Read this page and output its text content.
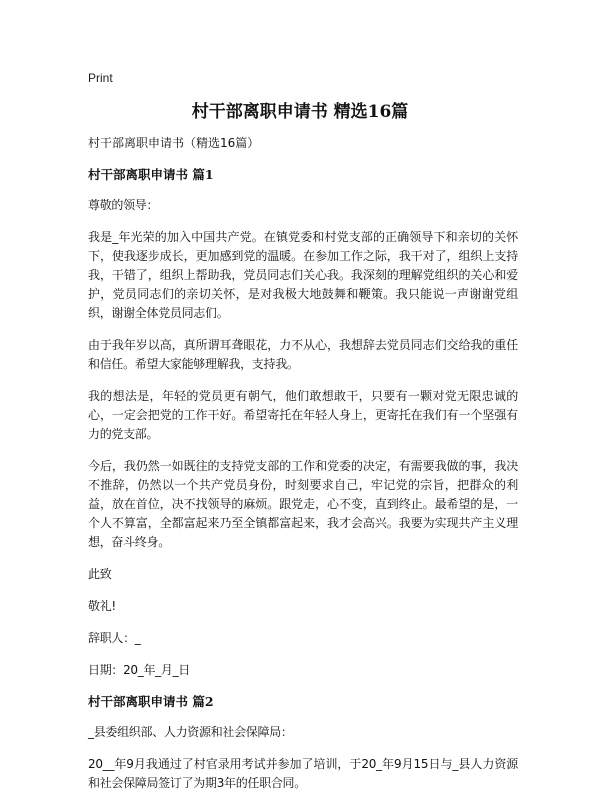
Print
村干部离职申请书 精选16篇
村干部离职申请书（精选16篇）
村干部离职申请书 篇1

尊敬的领导：

我是_年光荣的加入中国共产党。在镇党委和村党支部的正确领导下和亲切的关怀下，使我逐步成长，更加感到党的温暖。在参加工作之际，我干对了，组织上支持我，干错了，组织上帮助我，党员同志们关心我。我深刻的理解党组织的关心和爱护，党员同志们的亲切关怀，是对我极大地鼓舞和鞭策。我只能说一声谢谢党组织，谢谢全体党员同志们。

由于我年岁以高，真所谓耳聋眼花，力不从心，我想辞去党员同志们交给我的重任和信任。希望大家能够理解我，支持我。

我的想法是，年轻的党员更有朝气，他们敢想敢干，只要有一颗对党无限忠诚的心，一定会把党的工作干好。希望寄托在年轻人身上，更寄托在我们有一个坚强有力的党支部。

今后，我仍然一如既往的支持党支部的工作和党委的决定，有需要我做的事，我决不推辞，仍然以一个共产党员身份，时刻要求自己，牢记党的宗旨，把群众的利益，放在首位，决不找领导的麻烦。跟党走，心不变，直到终止。最希望的是，一个人不算富，全都富起来乃至全镇都富起来，我才会高兴。我要为实现共产主义理想，奋斗终身。

此致

敬礼!

辞职人：_

日期：20_年_月_日

村干部离职申请书 篇2

_县委组织部、人力资源和社会保障局：

20__年9月我通过了村官录用考试并参加了培训，于20_年9月15日与_县人力资源和社会保障局签订了为期3年的任职合同。
